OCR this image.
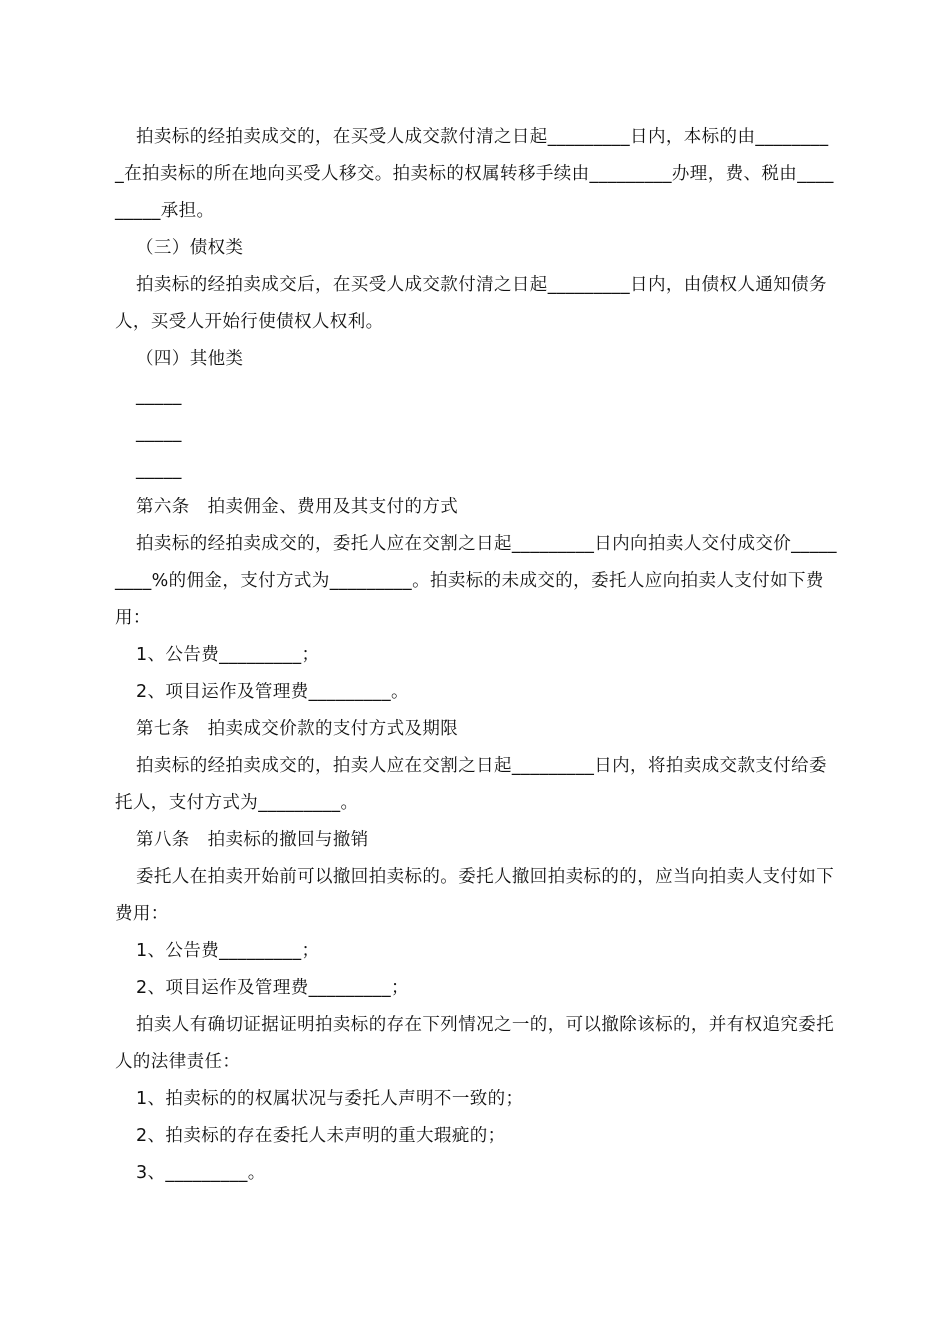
拍卖标的经拍卖成交的，在买受人成交款付清之日起_________日内，本标的由_________在拍卖标的所在地向买受人移交。拍卖标的权属转移手续由_________办理，费、税由_________承担。

（三）债权类

拍卖标的经拍卖成交后，在买受人成交款付清之日起_________日内，由债权人通知债务人，买受人开始行使债权人权利。

（四）其他类

_____

_____

_____

第六条　拍卖佣金、费用及其支付的方式

拍卖标的经拍卖成交的，委托人应在交割之日起_________日内向拍卖人交付成交价_________%的佣金，支付方式为_________。拍卖标的未成交的，委托人应向拍卖人支付如下费用：

1、公告费_________；

2、项目运作及管理费_________。

第七条　拍卖成交价款的支付方式及期限

拍卖标的经拍卖成交的，拍卖人应在交割之日起_________日内，将拍卖成交款支付给委托人，支付方式为_________。

第八条　拍卖标的撤回与撤销

委托人在拍卖开始前可以撤回拍卖标的。委托人撤回拍卖标的的，应当向拍卖人支付如下费用：

1、公告费_________；

2、项目运作及管理费_________；

拍卖人有确切证据证明拍卖标的存在下列情况之一的，可以撤除该标的，并有权追究委托人的法律责任：

1、拍卖标的的权属状况与委托人声明不一致的；

2、拍卖标的存在委托人未声明的重大瑕疵的；

3、_________。
